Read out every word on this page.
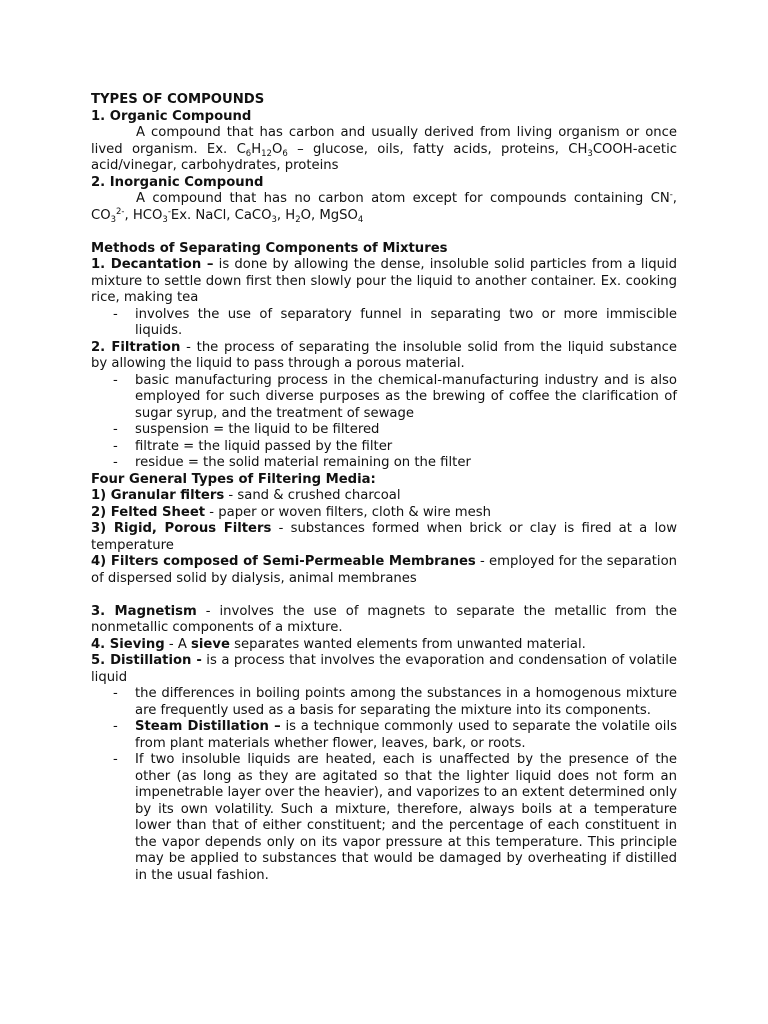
TYPES OF COMPOUNDS

1. Organic Compound

A compound that has carbon and usually derived from living organism or once lived organism. Ex. $C_6H_{12}O_6$ – glucose, oils, fatty acids, proteins, $CH_3COOH$-acetic acid/vinegar, carbohydrates, proteins

2. Inorganic Compound

A compound that has no carbon atom except for compounds containing CN-, $CO_3^{2-}$, $HCO_3^-Ex$. NaCl, CaCO$_3$, $H_2O$, MgSO$_4$

Methods of Separating Components of Mixtures

1. Decantation – is done by allowing the dense, insoluble solid particles from a liquid mixture to settle down first then slowly pour the liquid to another container. Ex. cooking rice, making tea

- involves the use of separatory funnel in separating two or more immiscible liquids.

2. Filtration - the process of separating the insoluble solid from the liquid substance by allowing the liquid to pass through a porous material.

- basic manufacturing process in the chemical-manufacturing industry and is also employed for such diverse purposes as the brewing of coffee the clarification of sugar syrup, and the treatment of sewage
- suspension = the liquid to be filtered
- filtrate = the liquid passed by the filter
- residue = the solid material remaining on the filter

Four General Types of Filtering Media:

1) Granular filters - sand & crushed charcoal

2) Felted Sheet - paper or woven filters, cloth & wire mesh

3) Rigid, Porous Filters - substances formed when brick or clay is fired at a low temperature

4) Filters composed of Semi-Permeable Membranes - employed for the separation of dispersed solid by dialysis, animal membranes

3. Magnetism - involves the use of magnets to separate the metallic from the nonmetallic components of a mixture.

4. Sieving - A sieve separates wanted elements from unwanted material.

5. Distillation - is a process that involves the evaporation and condensation of volatile liquid

- the differences in boiling points among the substances in a homogenous mixture are frequently used as a basis for separating the mixture into its components.
- Steam Distillation – is a technique commonly used to separate the volatile oils from plant materials whether flower, leaves, bark, or roots.
- If two insoluble liquids are heated, each is unaffected by the presence of the other (as long as they are agitated so that the lighter liquid does not form an impenetrable layer over the heavier), and vaporizes to an extent determined only by its own volatility. Such a mixture, therefore, always boils at a temperature lower than that of either constituent; and the percentage of each constituent in the vapor depends only on its vapor pressure at this temperature. This principle may be applied to substances that would be damaged by overheating if distilled in the usual fashion.
